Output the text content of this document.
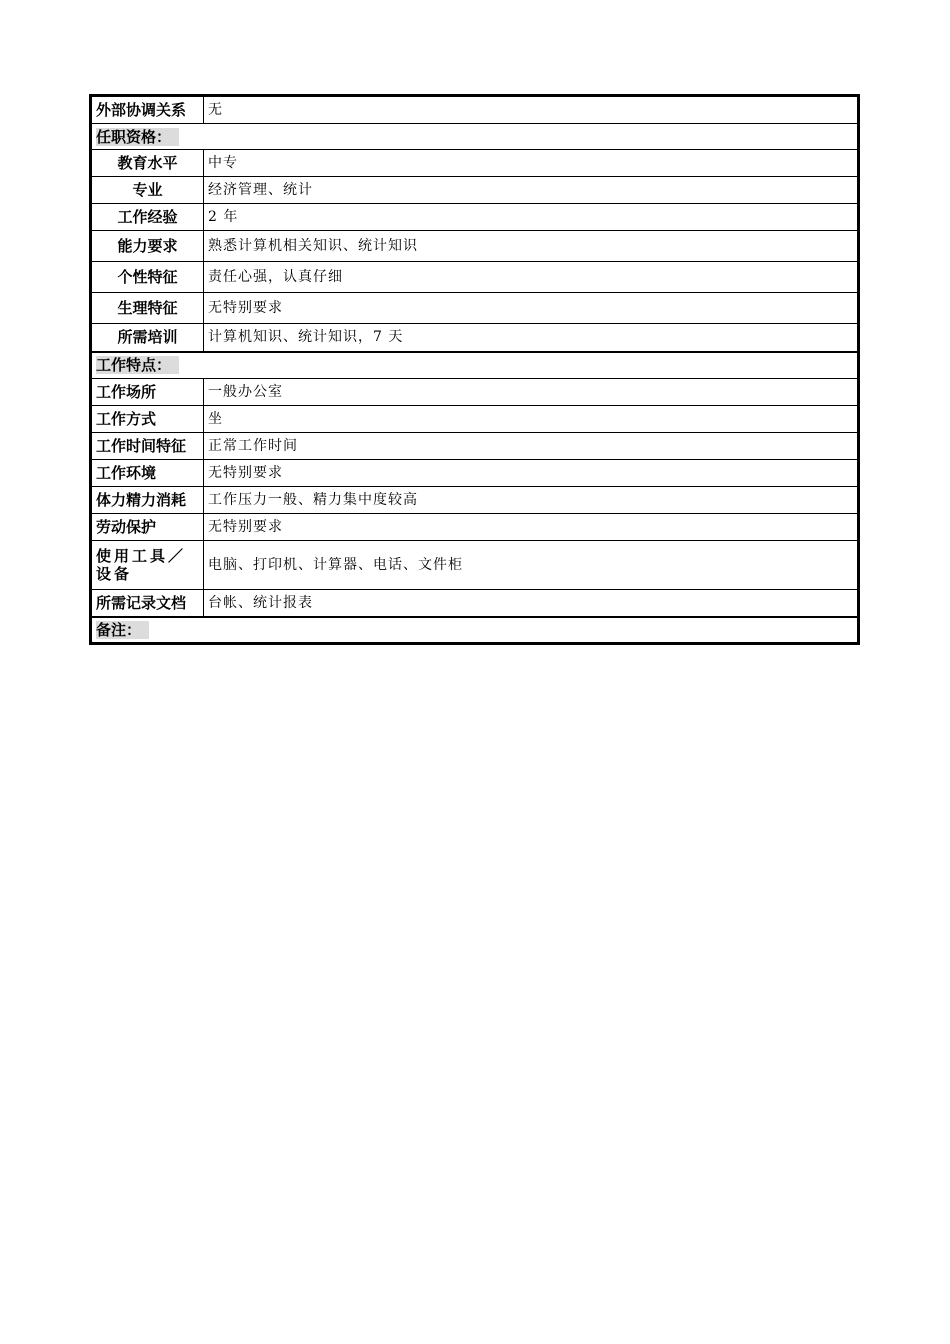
外部协调关系	无
任职资格：	
教育水平	中专
专业	经济管理、统计
工作经验	2 年
能力要求	熟悉计算机相关知识、统计知识
个性特征	责任心强，认真仔细
生理特征	无特别要求
所需培训	计算机知识、统计知识，7 天
工作特点：	
工作场所	一般办公室
工作方式	坐
工作时间特征	正常工作时间
工作环境	无特别要求
体力精力消耗	工作压力一般、精力集中度较高
劳动保护	无特别要求
使用工具／设备	电脑、打印机、计算器、电话、文件柜
所需记录文档	台帐、统计报表
备注：	
